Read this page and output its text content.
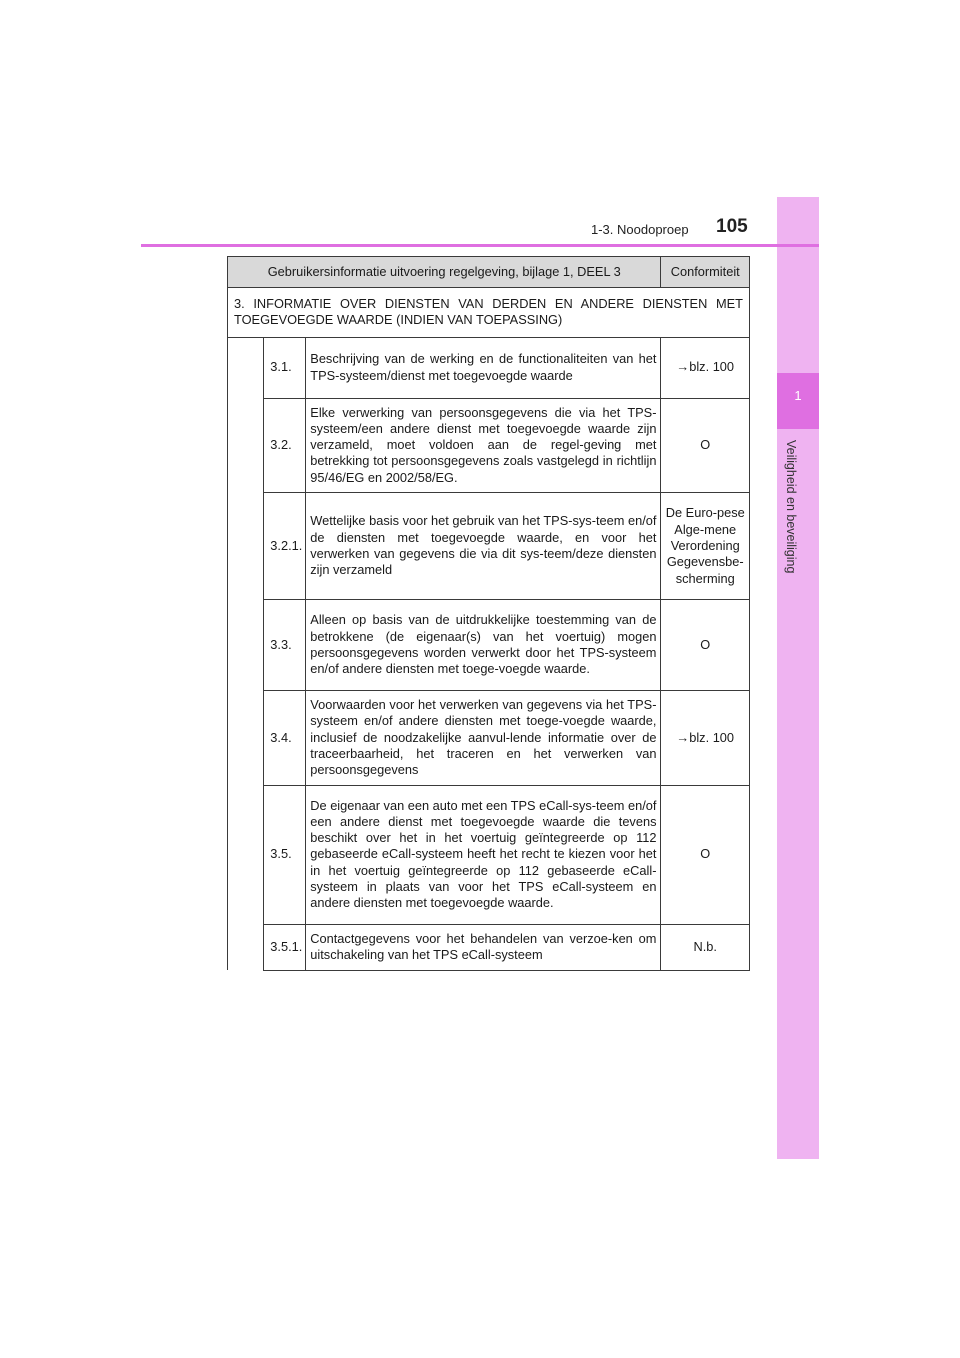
1
Veiligheid en beveiliging
1-3. Noodoproep 105
Gebruikersinformatie uitvoering regelgeving, bijlage 1, DEEL 3			Conformiteit
3. INFORMATIE OVER DIENSTEN VAN DERDEN EN ANDERE DIENSTEN MET TOEGEVOEGDE WAARDE (INDIEN VAN TOEPASSING)			
	3.1.	Beschrijving van de werking en de functionaliteiten van het TPS-systeem/dienst met toegevoegde waarde	→blz. 100
	3.2.	Elke verwerking van persoonsgegevens die via het TPS-systeem/een andere dienst met toegevoegde waarde zijn verzameld, moet voldoen aan de regel-geving met betrekking tot persoonsgegevens zoals vastgelegd in richtlijn 95/46/EG en 2002/58/EG.	O
	3.2.1.	Wettelijke basis voor het gebruik van het TPS-sys-teem en/of de diensten met toegevoegde waarde, en voor het verwerken van gegevens die via dit sys-teem/deze diensten zijn verzameld	De Euro-pese Alge-mene Verordening Gegevensbe-scherming
	3.3.	Alleen op basis van de uitdrukkelijke toestemming van de betrokkene (de eigenaar(s) van het voertuig) mogen persoonsgegevens worden verwerkt door het TPS-systeem en/of andere diensten met toege-voegde waarde.	O
	3.4.	Voorwaarden voor het verwerken van gegevens via het TPS-systeem en/of andere diensten met toege-voegde waarde, inclusief de noodzakelijke aanvul-lende informatie over de traceerbaarheid, het traceren en het verwerken van persoonsgegevens	→blz. 100
	3.5.	De eigenaar van een auto met een TPS eCall-sys-teem en/of een andere dienst met toegevoegde waarde die tevens beschikt over het in het voertuig geïntegreerde op 112 gebaseerde eCall-systeem heeft het recht te kiezen voor het in het voertuig geïntegreerde op 112 gebaseerde eCall-systeem in plaats van voor het TPS eCall-systeem en andere diensten met toegevoegde waarde.	O
	3.5.1.	Contactgegevens voor het behandelen van verzoe-ken om uitschakeling van het TPS eCall-systeem	N.b.
